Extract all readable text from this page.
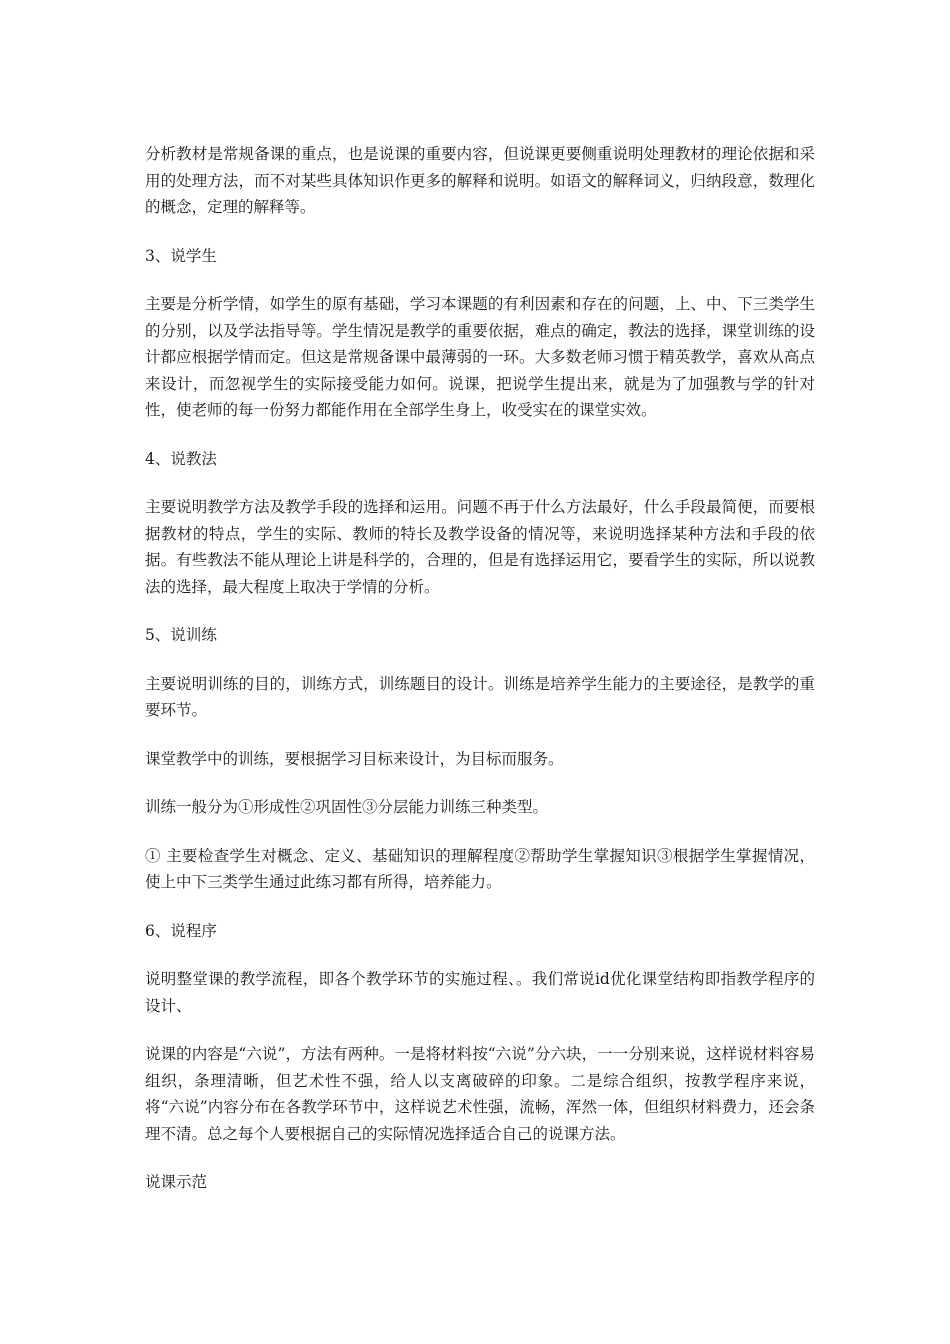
分析教材是常规备课的重点，也是说课的重要内容，但说课更要侧重说明处理教材的理论依据和采用的处理方法，而不对某些具体知识作更多的解释和说明。如语文的解释词义，归纳段意，数理化的概念，定理的解释等。

3、说学生

主要是分析学情，如学生的原有基础，学习本课题的有利因素和存在的问题，上、中、下三类学生的分别，以及学法指导等。学生情况是教学的重要依据，难点的确定，教法的选择，课堂训练的设计都应根据学情而定。但这是常规备课中最薄弱的一环。大多数老师习惯于精英教学，喜欢从高点来设计，而忽视学生的实际接受能力如何。说课，把说学生提出来，就是为了加强教与学的针对性，使老师的每一份努力都能作用在全部学生身上，收受实在的课堂实效。

4、说教法

主要说明教学方法及教学手段的选择和运用。问题不再于什么方法最好，什么手段最简便，而要根据教材的特点，学生的实际、教师的特长及教学设备的情况等，来说明选择某种方法和手段的依据。有些教法不能从理论上讲是科学的，合理的，但是有选择运用它，要看学生的实际，所以说教法的选择，最大程度上取决于学情的分析。

5、说训练

主要说明训练的目的，训练方式，训练题目的设计。训练是培养学生能力的主要途径，是教学的重要环节。

课堂教学中的训练，要根据学习目标来设计，为目标而服务。

训练一般分为①形成性②巩固性③分层能力训练三种类型。

① 主要检查学生对概念、定义、基础知识的理解程度②帮助学生掌握知识③根据学生掌握情况，使上中下三类学生通过此练习都有所得，培养能力。

6、说程序

说明整堂课的教学流程，即各个教学环节的实施过程、。我们常说id优化课堂结构即指教学程序的设计、

说课的内容是“六说”，方法有两种。一是将材料按“六说”分六块，一一分别来说，这样说材料容易组织，条理清晰，但艺术性不强，给人以支离破碎的印象。二是综合组织，按教学程序来说，将“六说”内容分布在各教学环节中，这样说艺术性强，流畅，浑然一体，但组织材料费力，还会条理不清。总之每个人要根据自己的实际情况选择适合自己的说课方法。

说课示范
